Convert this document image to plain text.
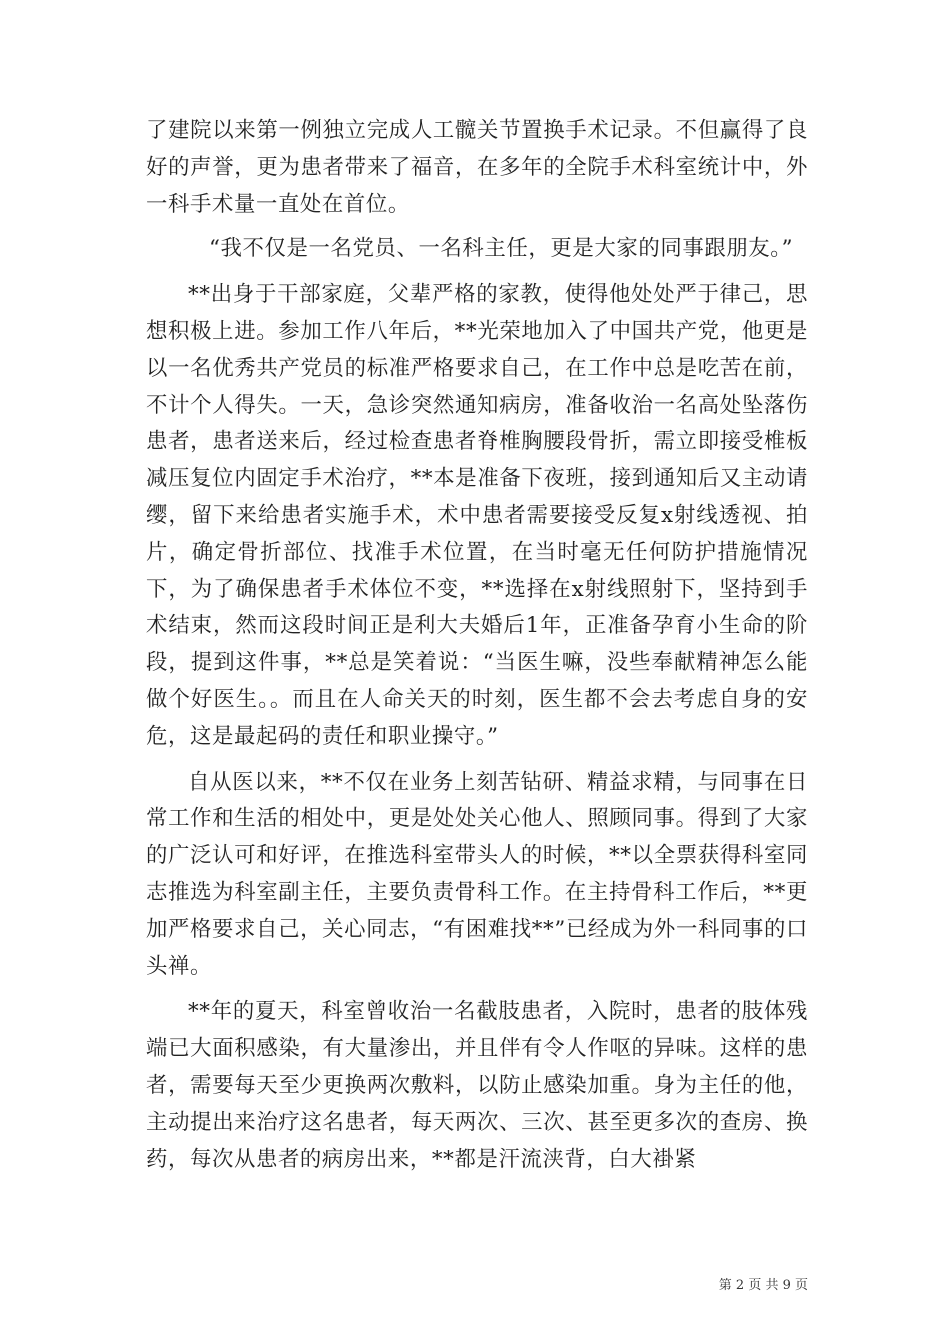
了建院以来第一例独立完成人工髋关节置换手术记录。不但赢得了良好的声誉，更为患者带来了福音，在多年的全院手术科室统计中，外一科手术量一直处在首位。

“我不仅是一名党员、一名科主任，更是大家的同事跟朋友。”

**出身于干部家庭，父辈严格的家教，使得他处处严于律己，思想积极上进。参加工作八年后，**光荣地加入了中国共产党，他更是以一名优秀共产党员的标准严格要求自己，在工作中总是吃苦在前，不计个人得失。一天，急诊突然通知病房，准备收治一名高处坠落伤患者，患者送来后，经过检查患者脊椎胸腰段骨折，需立即接受椎板减压复位内固定手术治疗，**本是准备下夜班，接到通知后又主动请缨，留下来给患者实施手术，术中患者需要接受反复x射线透视、拍片，确定骨折部位、找准手术位置，在当时毫无任何防护措施情况下，为了确保患者手术体位不变，**选择在x射线照射下，坚持到手术结束，然而这段时间正是利大夫婚后1年，正准备孕育小生命的阶段，提到这件事，**总是笑着说：“当医生嘛，没些奉献精神怎么能做个好医生。。而且在人命关天的时刻，医生都不会去考虑自身的安危，这是最起码的责任和职业操守。”

自从医以来，**不仅在业务上刻苦钻研、精益求精，与同事在日常工作和生活的相处中，更是处处关心他人、照顾同事。得到了大家的广泛认可和好评，在推选科室带头人的时候，**以全票获得科室同志推选为科室副主任，主要负责骨科工作。在主持骨科工作后，**更加严格要求自己，关心同志，“有困难找**”已经成为外一科同事的口头禅。

**年的夏天，科室曾收治一名截肢患者，入院时，患者的肢体残端已大面积感染，有大量渗出，并且伴有令人作呕的异味。这样的患者，需要每天至少更换两次敷料，以防止感染加重。身为主任的他，主动提出来治疗这名患者，每天两次、三次、甚至更多次的查房、换药，每次从患者的病房出来，**都是汗流浃背，白大褂紧

第 2 页 共 9 页
